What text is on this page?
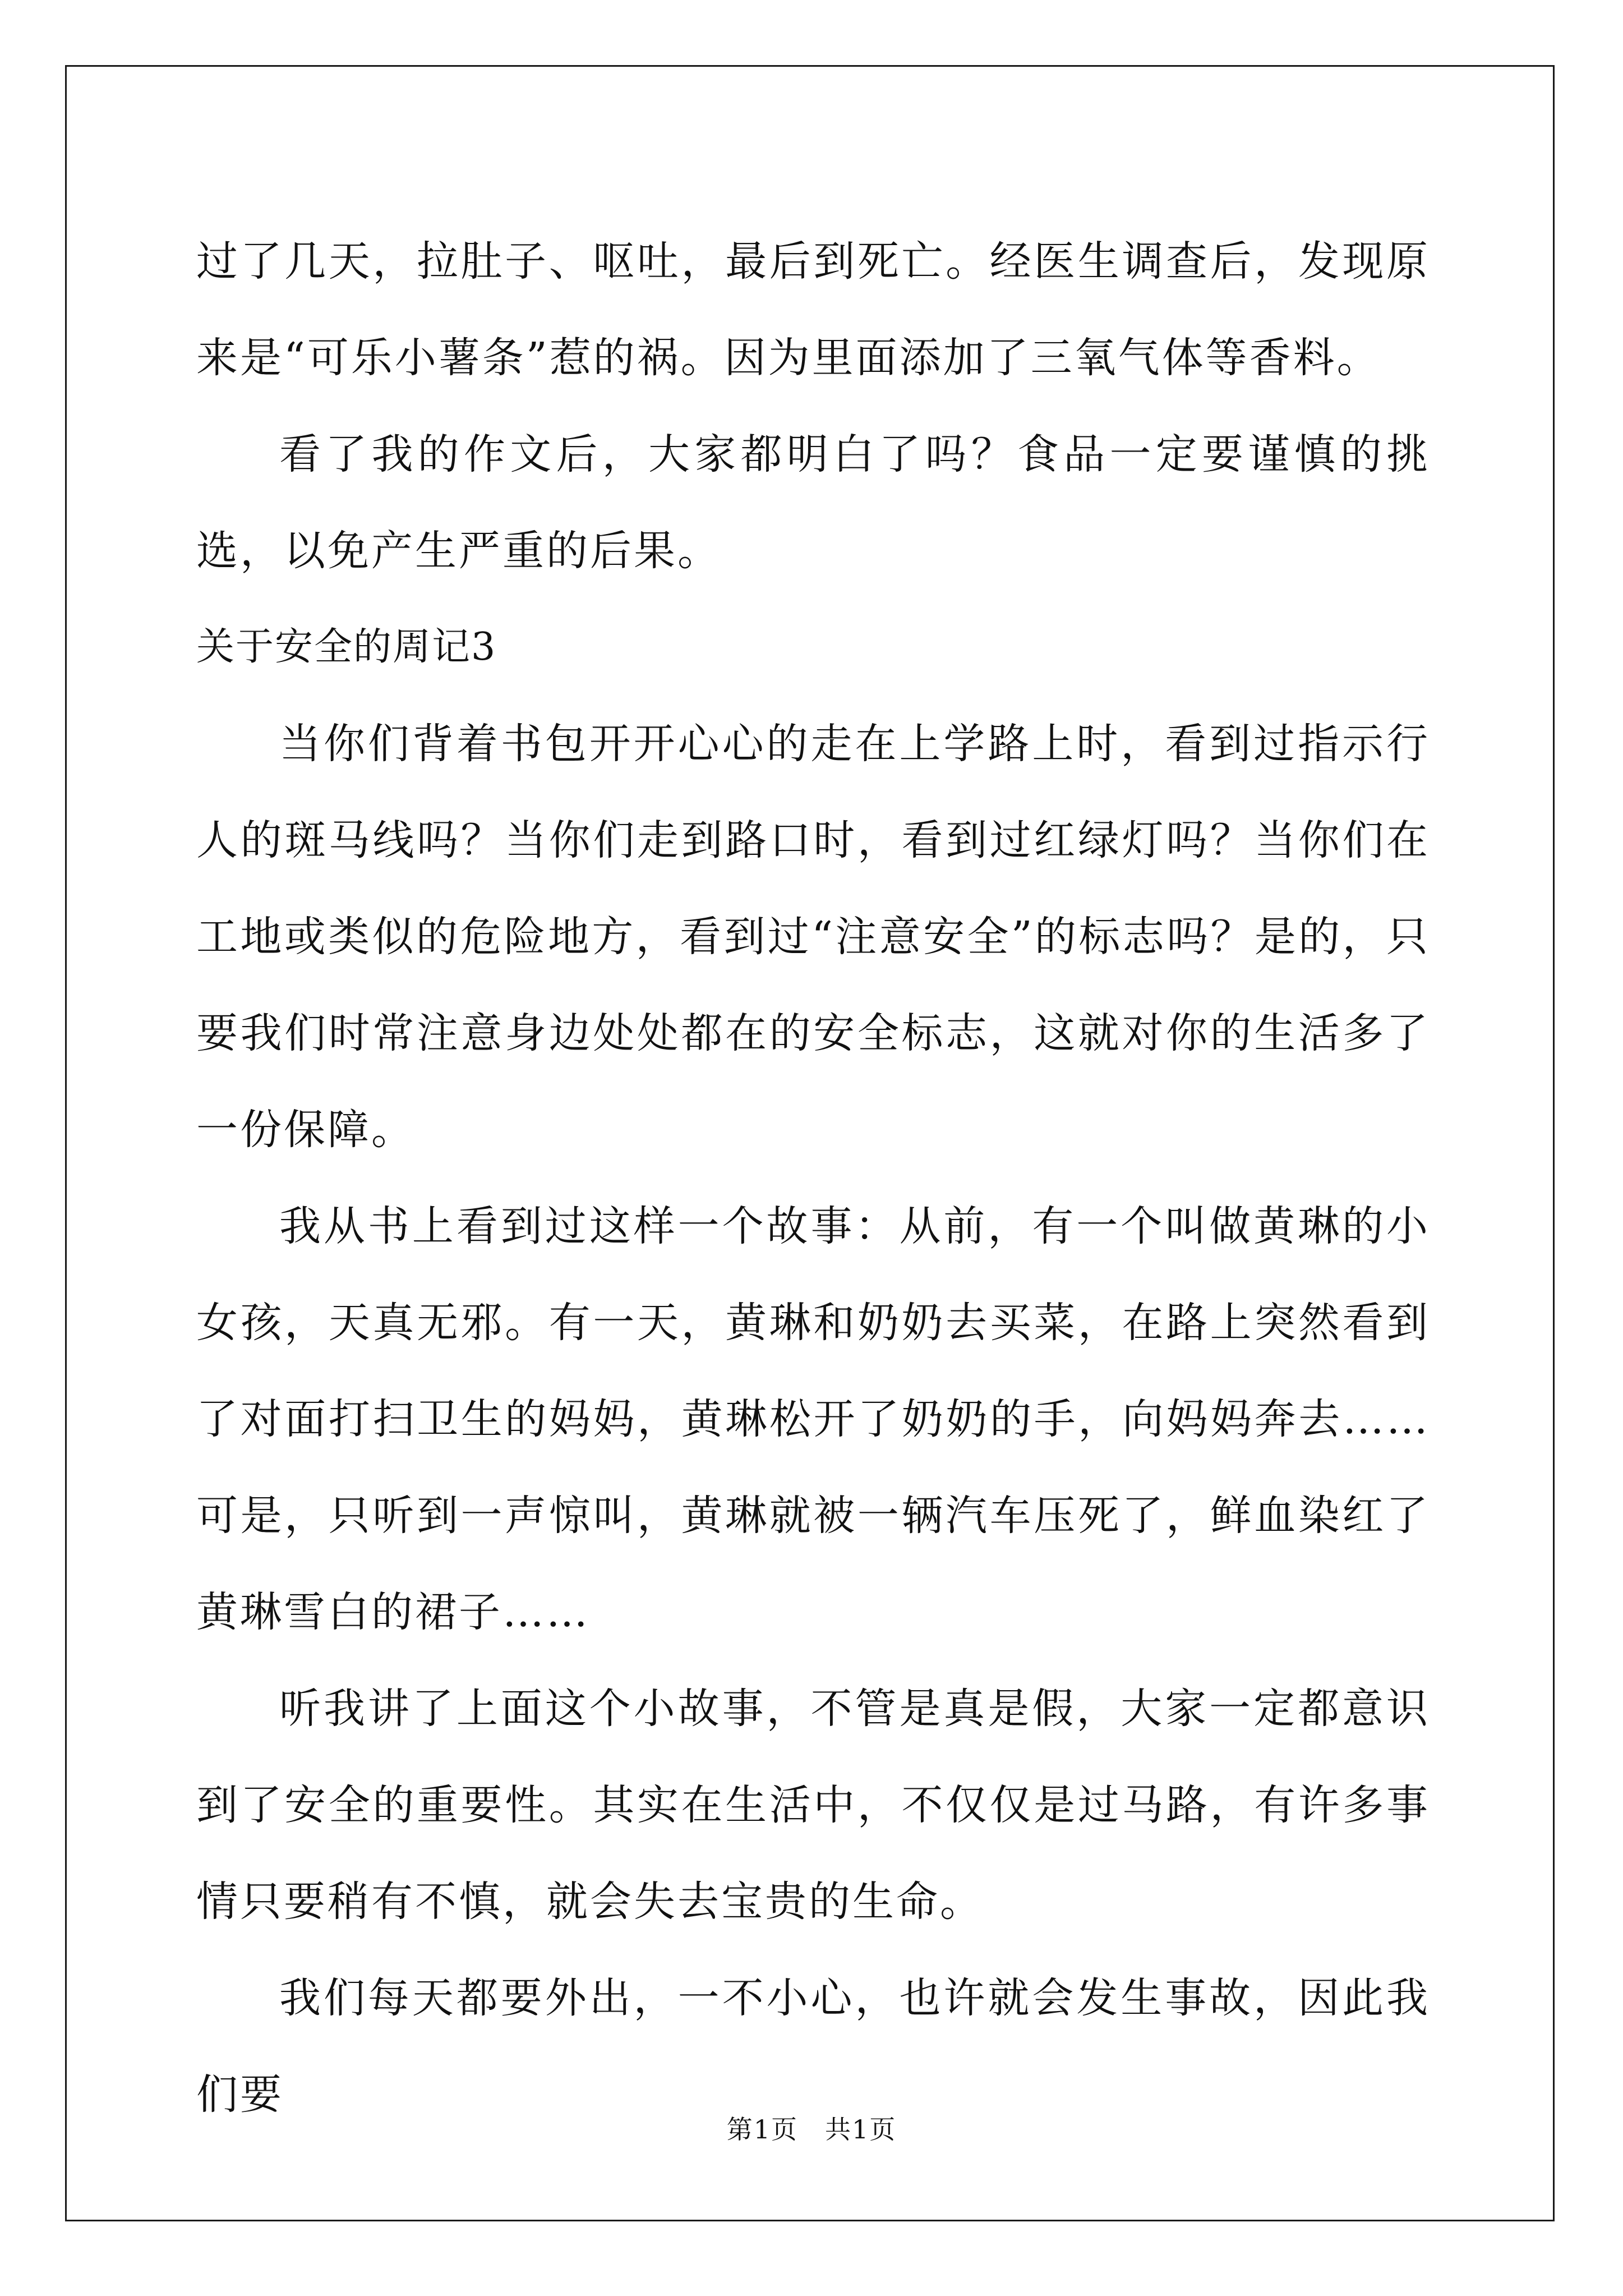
过了几天，拉肚子、呕吐，最后到死亡。经医生调查后，发现原来是“可乐小薯条”惹的祸。因为里面添加了三氧气体等香料。

看了我的作文后，大家都明白了吗？食品一定要谨慎的挑选，以免产生严重的后果。

关于安全的周记3

当你们背着书包开开心心的走在上学路上时，看到过指示行人的斑马线吗？当你们走到路口时，看到过红绿灯吗？当你们在工地或类似的危险地方，看到过“注意安全”的标志吗？是的，只要我们时常注意身边处处都在的安全标志，这就对你的生活多了一份保障。

我从书上看到过这样一个故事：从前，有一个叫做黄琳的小女孩，天真无邪。有一天，黄琳和奶奶去买菜，在路上突然看到了对面打扫卫生的妈妈，黄琳松开了奶奶的手，向妈妈奔去……可是，只听到一声惊叫，黄琳就被一辆汽车压死了，鲜血染红了黄琳雪白的裙子……

听我讲了上面这个小故事，不管是真是假，大家一定都意识到了安全的重要性。其实在生活中，不仅仅是过马路，有许多事情只要稍有不慎，就会失去宝贵的生命。

我们每天都要外出，一不小心，也许就会发生事故，因此我们要

第1页　共1页
